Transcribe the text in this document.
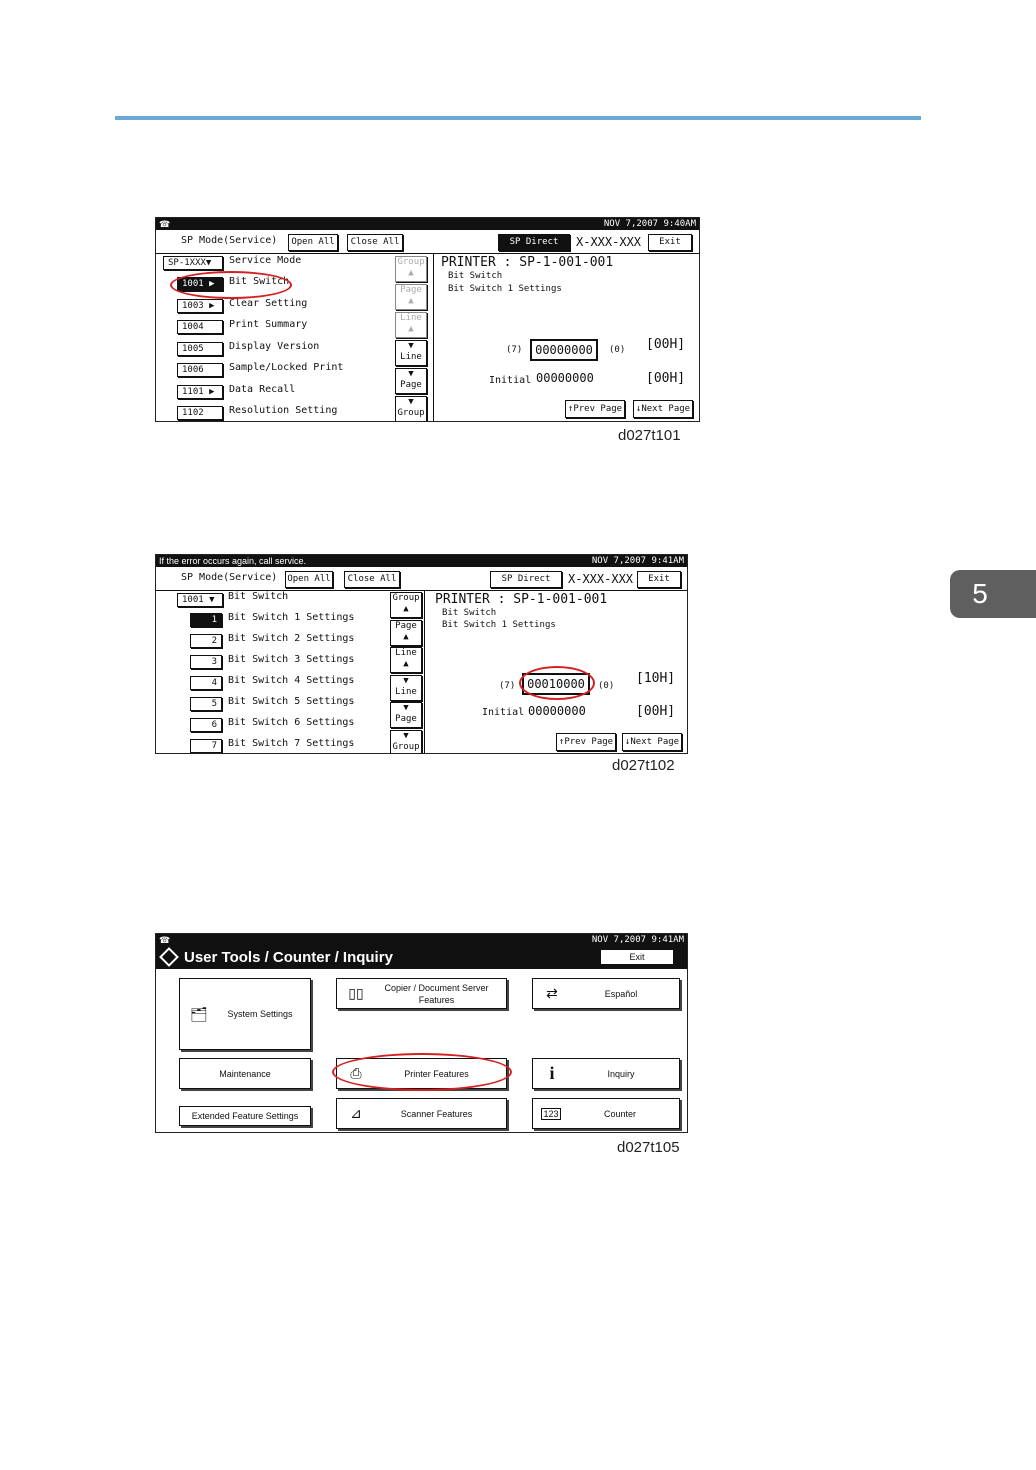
5
☎	NOV 7,2007 9:40AM
SP Mode(Service)	Open All	Close All	SP Direct	X-XXX-XXX	Exit
SP-1XXX▼	Service Mode
1001 ▶	Bit Switch
1003 ▶	Clear Setting
1004	Print Summary
1005	Display Version
1006	Sample/Locked Print
1101 ▶	Data Recall
1102	Resolution Setting
Group
▲
Page
▲
Line
▲
▼
Line
▼
Page
▼
Group
PRINTER : SP-1-001-001
Bit Switch
Bit Switch 1 Settings
(7)	00000000	(0) [00H]
Initial 00000000	[00H]
↑Prev Page	↓Next Page
d027t101
If the error occurs again, call service.	NOV 7,2007 9:41AM
SP Mode(Service) Open All	Close All	SP Direct	X-XXX-XXX	Exit
1001 ▼	Bit Switch
1	Bit Switch 1 Settings
2	Bit Switch 2 Settings
3	Bit Switch 3 Settings
4	Bit Switch 4 Settings
5	Bit Switch 5 Settings
6	Bit Switch 6 Settings
7	Bit Switch 7 Settings
Group
▲
Page
▲
Line
▲
▼
Line
▼
Page
▼
Group
PRINTER : SP-1-001-001
Bit Switch
Bit Switch 1 Settings
(7) 00010000	(0) [10H]
Initial 00000000	[00H]
↑Prev Page	↓Next Page
d027t102
☎	NOV 7,2007 9:41AM
User Tools / Counter / Inquiry	Exit
🗂	System Settings
▯▯	Copier / Document Server Features	⇄	Español
Maintenance	⎙	Printer Features	i	Inquiry
Extended Feature Settings	⊿	Scanner Features	123	Counter
d027t105
